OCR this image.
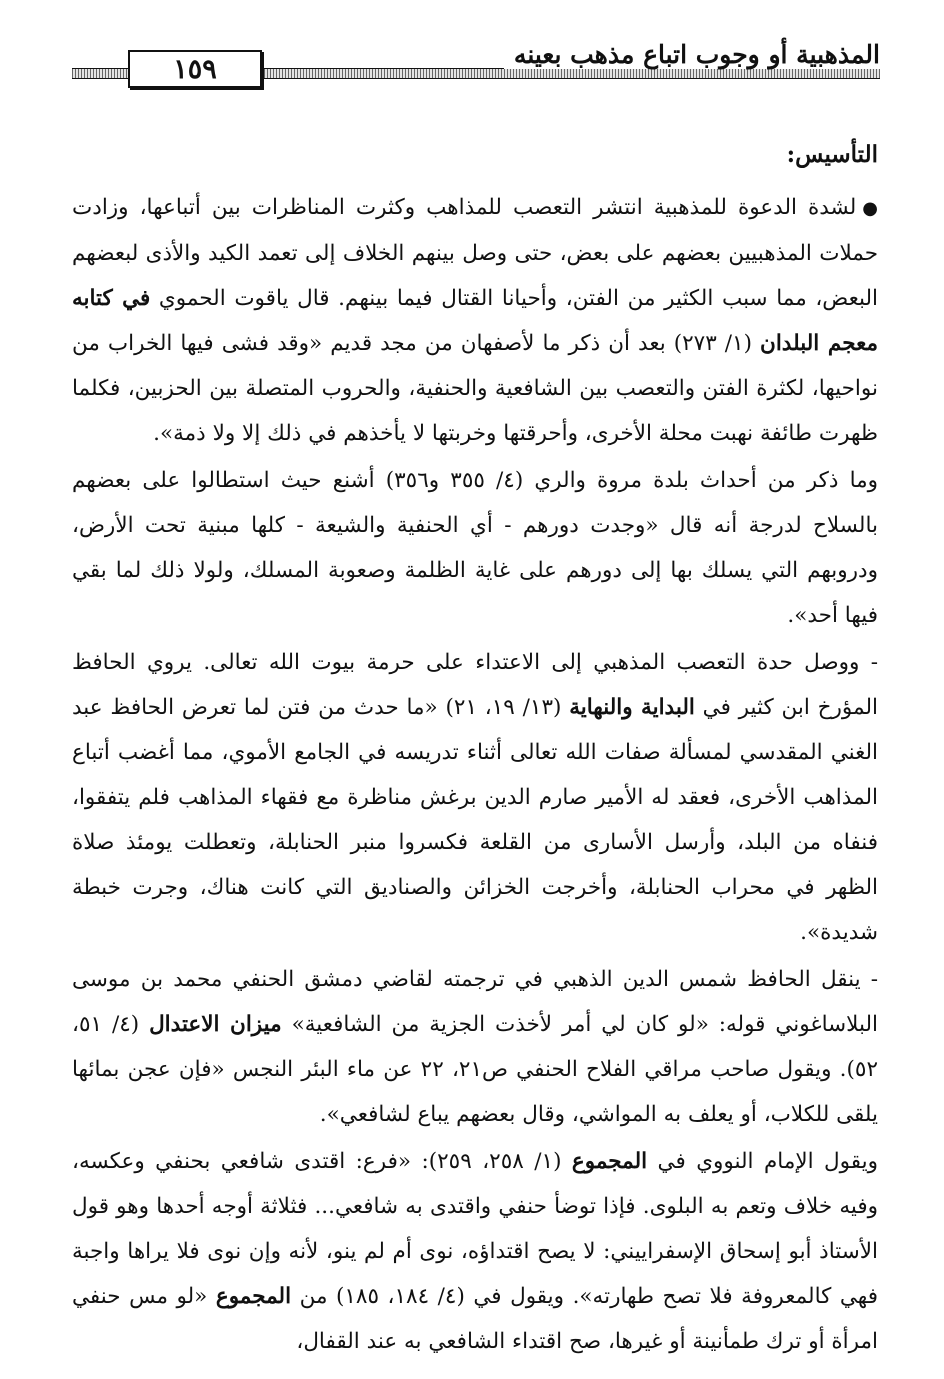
١٥٩	المذهبية أو وجوب اتباع مذهب بعينه
التأسيس:

●لشدة الدعوة للمذهبية انتشر التعصب للمذاهب وكثرت المناظرات بين أتباعها، وزادت حملات المذهبيين بعضهم على بعض، حتى وصل بينهم الخلاف إلى تعمد الكيد والأذى لبعضهم البعض، مما سبب الكثير من الفتن، وأحيانا القتال فيما بينهم. قال ياقوت الحموي في كتابه معجم البلدان (١/ ٢٧٣) بعد أن ذكر ما لأصفهان من مجد قديم «وقد فشى فيها الخراب من نواحيها، لكثرة الفتن والتعصب بين الشافعية والحنفية، والحروب المتصلة بين الحزبين، فكلما ظهرت طائفة نهبت محلة الأخرى، وأحرقتها وخربتها لا يأخذهم في ذلك إلا ولا ذمة».

وما ذكر من أحداث بلدة مروة والري (٤/ ٣٥٥ و٣٥٦) أشنع حيث استطالوا على بعضهم بالسلاح لدرجة أنه قال «وجدت دورهم - أي الحنفية والشيعة - كلها مبنية تحت الأرض، ودروبهم التي يسلك بها إلى دورهم على غاية الظلمة وصعوبة المسلك، ولولا ذلك لما بقي فيها أحد».

- ووصل حدة التعصب المذهبي إلى الاعتداء على حرمة بيوت الله تعالى. يروي الحافظ المؤرخ ابن كثير في البداية والنهاية (١٣/ ١٩، ٢١) «ما حدث من فتن لما تعرض الحافظ عبد الغني المقدسي لمسألة صفات الله تعالى أثناء تدريسه في الجامع الأموي، مما أغضب أتباع المذاهب الأخرى، فعقد له الأمير صارم الدين برغش مناظرة مع فقهاء المذاهب فلم يتفقوا، فنفاه من البلد، وأرسل الأسارى من القلعة فكسروا منبر الحنابلة، وتعطلت يومئذ صلاة الظهر في محراب الحنابلة، وأخرجت الخزائن والصناديق التي كانت هناك، وجرت خبطة شديدة».

- ينقل الحافظ شمس الدين الذهبي في ترجمته لقاضي دمشق الحنفي محمد بن موسى البلاساغوني قوله: «لو كان لي أمر لأخذت الجزية من الشافعية» ميزان الاعتدال (٤/ ٥١، ٥٢). ويقول صاحب مراقي الفلاح الحنفي ص٢١، ٢٢ عن ماء البئر النجس «فإن عجن بمائها يلقى للكلاب، أو يعلف به المواشي، وقال بعضهم يباع لشافعي».

ويقول الإمام النووي في المجموع (١/ ٢٥٨، ٢٥٩): «فرع: اقتدى شافعي بحنفي وعكسه، وفيه خلاف وتعم به البلوى. فإذا توضأ حنفي واقتدى به شافعي... فثلاثة أوجه أحدها وهو قول الأستاذ أبو إسحاق الإسفراييني: لا يصح اقتداؤه، نوى أم لم ينو، لأنه وإن نوى فلا يراها واجبة فهي كالمعروفة فلا تصح طهارته». ويقول في (٤/ ١٨٤، ١٨٥) من المجموع «لو مس حنفي امرأة أو ترك طمأنينة أو غيرها، صح اقتداء الشافعي به عند القفال،
